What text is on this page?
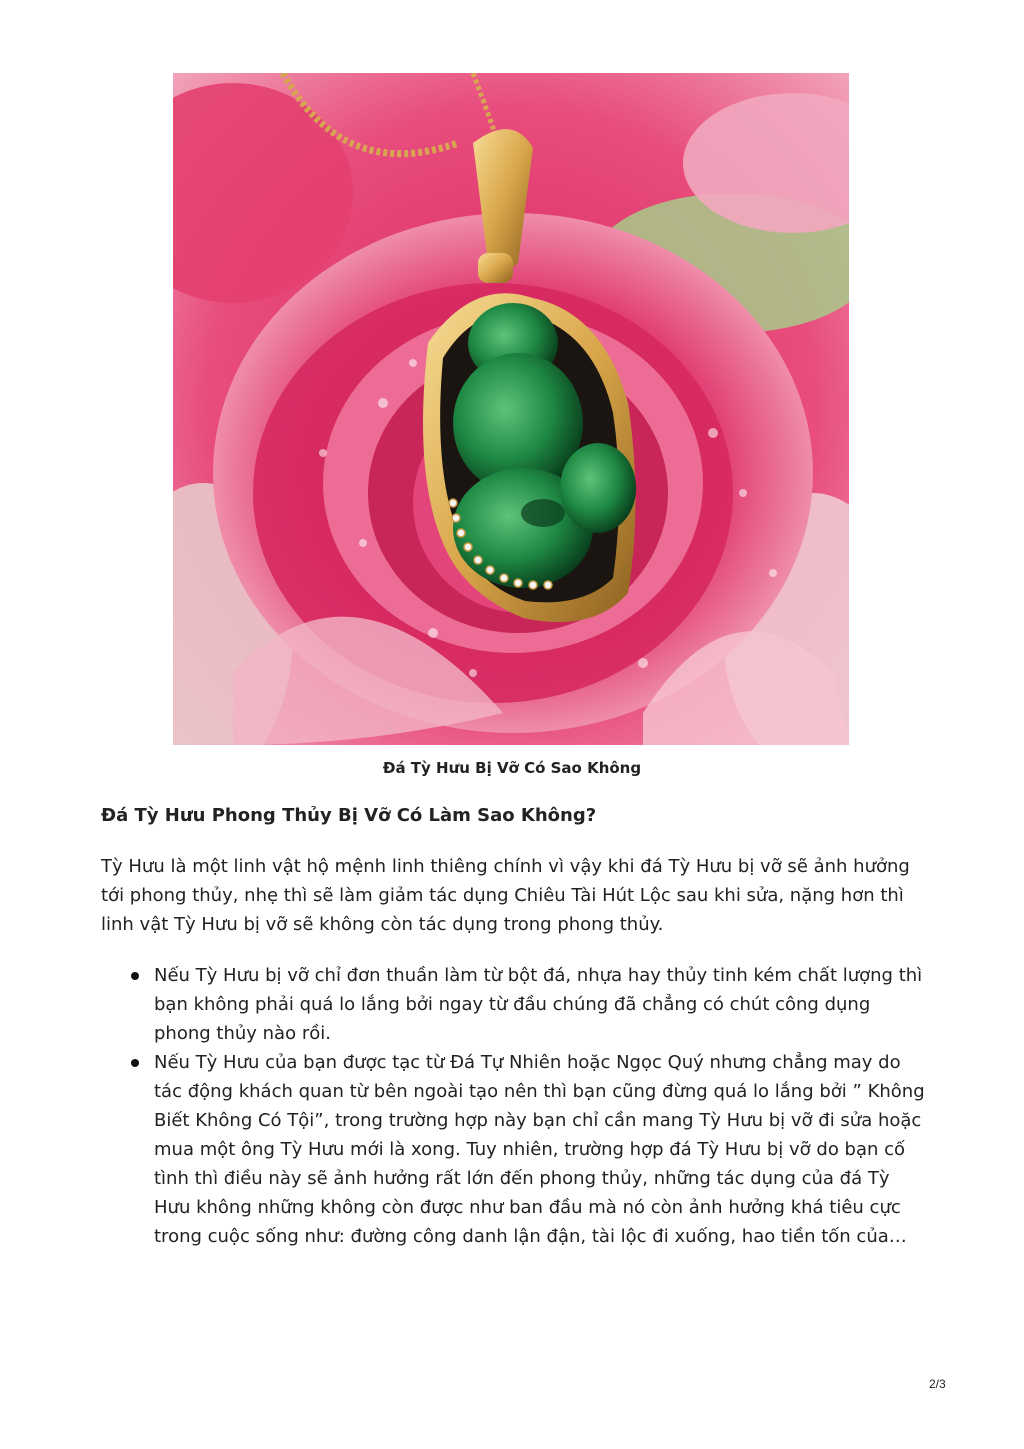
Đá Tỳ Hưu Bị Vỡ Có Sao Không
Đá Tỳ Hưu Phong Thủy Bị Vỡ Có Làm Sao Không?

Tỳ Hưu là một linh vật hộ mệnh linh thiêng chính vì vậy khi đá Tỳ Hưu bị vỡ sẽ ảnh hưởng tới phong thủy, nhẹ thì sẽ làm giảm tác dụng Chiêu Tài Hút Lộc sau khi sửa, nặng hơn thì linh vật Tỳ Hưu bị vỡ sẽ không còn tác dụng trong phong thủy.

Nếu Tỳ Hưu bị vỡ chỉ đơn thuần làm từ bột đá, nhựa hay thủy tinh kém chất lượng thì bạn không phải quá lo lắng bởi ngay từ đầu chúng đã chẳng có chút công dụng phong thủy nào rồi.
Nếu Tỳ Hưu của bạn được tạc từ Đá Tự Nhiên hoặc Ngọc Quý nhưng chẳng may do tác động khách quan từ bên ngoài tạo nên thì bạn cũng đừng quá lo lắng bởi ” Không Biết Không Có Tội”, trong trường hợp này bạn chỉ cần mang Tỳ Hưu bị vỡ đi sửa hoặc mua một ông Tỳ Hưu mới là xong. Tuy nhiên, trường hợp đá Tỳ Hưu bị vỡ do bạn cố tình thì điều này sẽ ảnh hưởng rất lớn đến phong thủy, những tác dụng của đá Tỳ Hưu không những không còn được như ban đầu mà nó còn ảnh hưởng khá tiêu cực trong cuộc sống như: đường công danh lận đận, tài lộc đi xuống, hao tiền tốn của…
2/3
